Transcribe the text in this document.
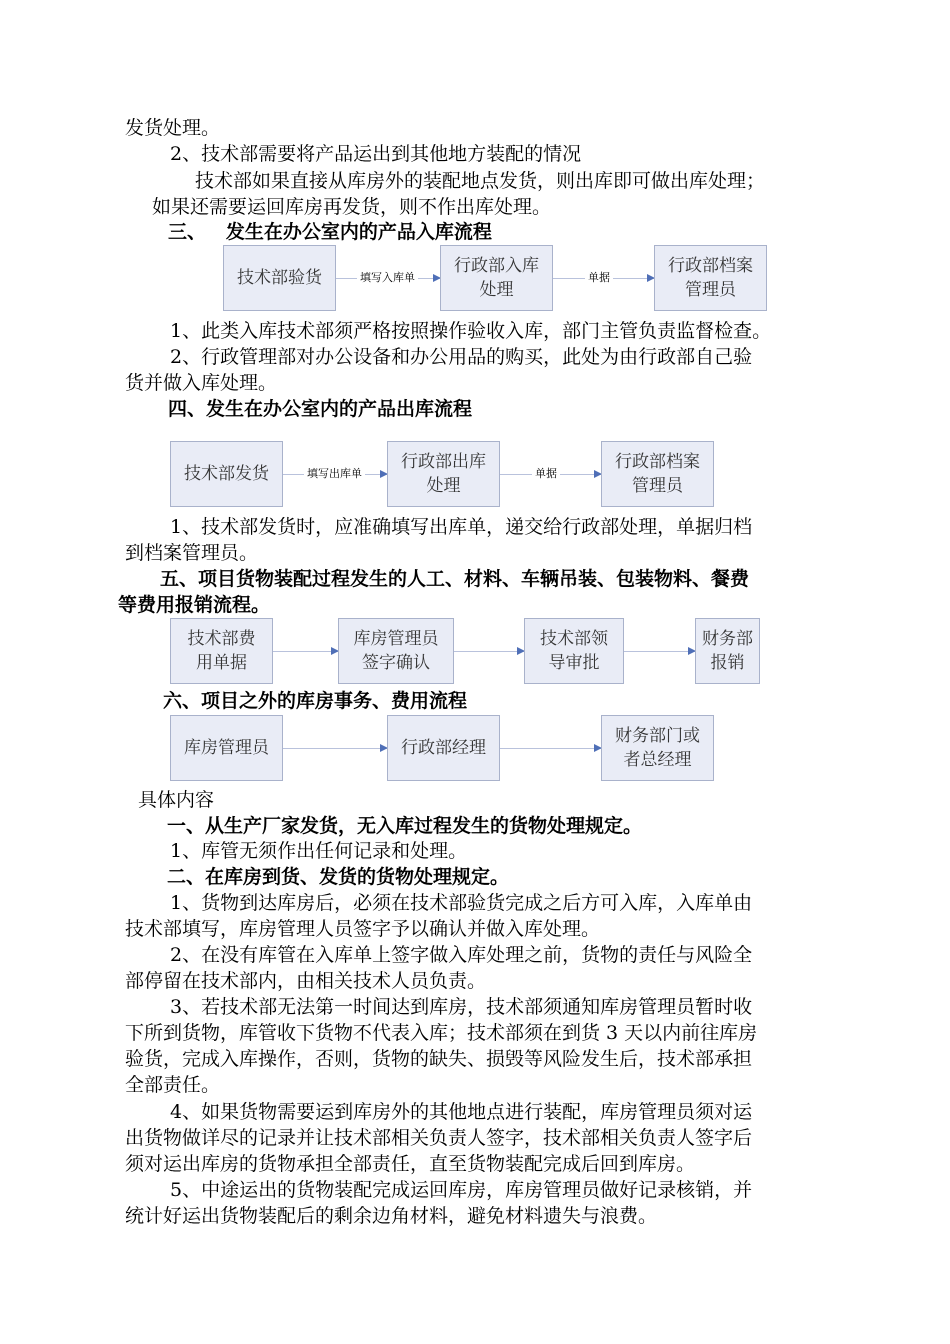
发货处理。
2、技术部需要将产品运出到其他地方装配的情况
技术部如果直接从库房外的装配地点发货，则出库即可做出库处理；
如果还需要运回库房再发货，则不作出库处理。
三、   发生在办公室内的产品入库流程
技术部验货	填写入库单
行政部入库
处理
单据
行政部档案
管理员
1、此类入库技术部须严格按照操作验收入库，部门主管负责监督检查。
2、行政管理部对办公设备和办公用品的购买，此处为由行政部自己验
货并做入库处理。
四、发生在办公室内的产品出库流程
技术部发货	填写出库单
行政部出库
处理
单据
行政部档案
管理员
1、技术部发货时，应准确填写出库单，递交给行政部处理，单据归档
到档案管理员。
五、项目货物装配过程发生的人工、材料、车辆吊装、包装物料、餐费
等费用报销流程。
技术部费
用单据
库房管理员
签字确认
技术部领
导审批
财务部
报销
六、项目之外的库房事务、费用流程
库房管理员	行政部经理
财务部门或
者总经理
具体内容
一、从生产厂家发货，无入库过程发生的货物处理规定。
1、库管无须作出任何记录和处理。
二、在库房到货、发货的货物处理规定。
1、货物到达库房后，必须在技术部验货完成之后方可入库，入库单由
技术部填写，库房管理人员签字予以确认并做入库处理。
2、在没有库管在入库单上签字做入库处理之前，货物的责任与风险全
部停留在技术部内，由相关技术人员负责。
3、若技术部无法第一时间达到库房，技术部须通知库房管理员暂时收
下所到货物，库管收下货物不代表入库；技术部须在到货 3 天以内前往库房
验货，完成入库操作，否则，货物的缺失、损毁等风险发生后，技术部承担
全部责任。
4、如果货物需要运到库房外的其他地点进行装配，库房管理员须对运
出货物做详尽的记录并让技术部相关负责人签字，技术部相关负责人签字后
须对运出库房的货物承担全部责任，直至货物装配完成后回到库房。
5、中途运出的货物装配完成运回库房，库房管理员做好记录核销，并
统计好运出货物装配后的剩余边角材料，避免材料遗失与浪费。
